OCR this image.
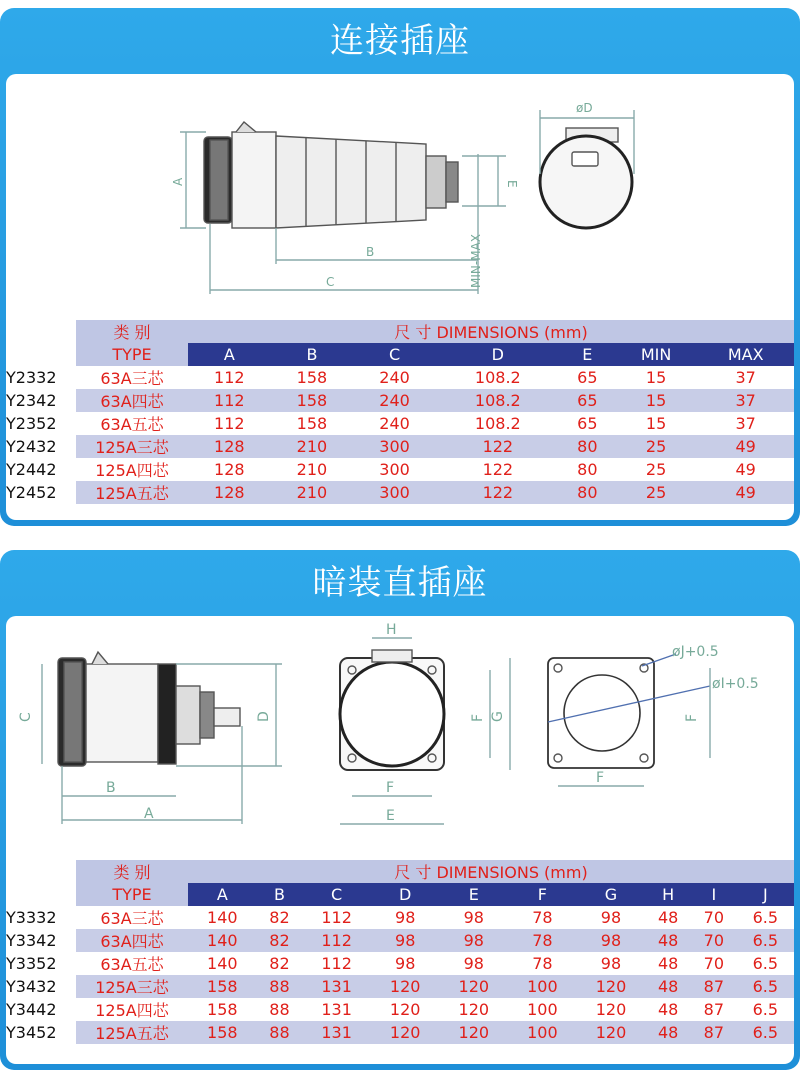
连接插座
A
B
C
øD
E
MIN-MAX
	类 别	尺 寸 DIMENSIONS (mm)						
	TYPE	A	B	C	D	E	MIN	MAX
Y2332	63A三芯	112	158	240	108.2	65	15	37
Y2342	63A四芯	112	158	240	108.2	65	15	37
Y2352	63A五芯	112	158	240	108.2	65	15	37
Y2432	125A三芯	128	210	300	122	80	25	49
Y2442	125A四芯	128	210	300	122	80	25	49
Y2452	125A五芯	128	210	300	122	80	25	49
暗装直插座
C	D
B
A
H
F
E
F G
øJ+0.5
øI+0.5
F
F
	类 别	尺 寸 DIMENSIONS (mm)									
	TYPE	A	B	C	D	E	F	G	H	I	J
Y3332	63A三芯	140	82	112	98	98	78	98	48	70	6.5
Y3342	63A四芯	140	82	112	98	98	78	98	48	70	6.5
Y3352	63A五芯	140	82	112	98	98	78	98	48	70	6.5
Y3432	125A三芯	158	88	131	120	120	100	120	48	87	6.5
Y3442	125A四芯	158	88	131	120	120	100	120	48	87	6.5
Y3452	125A五芯	158	88	131	120	120	100	120	48	87	6.5
